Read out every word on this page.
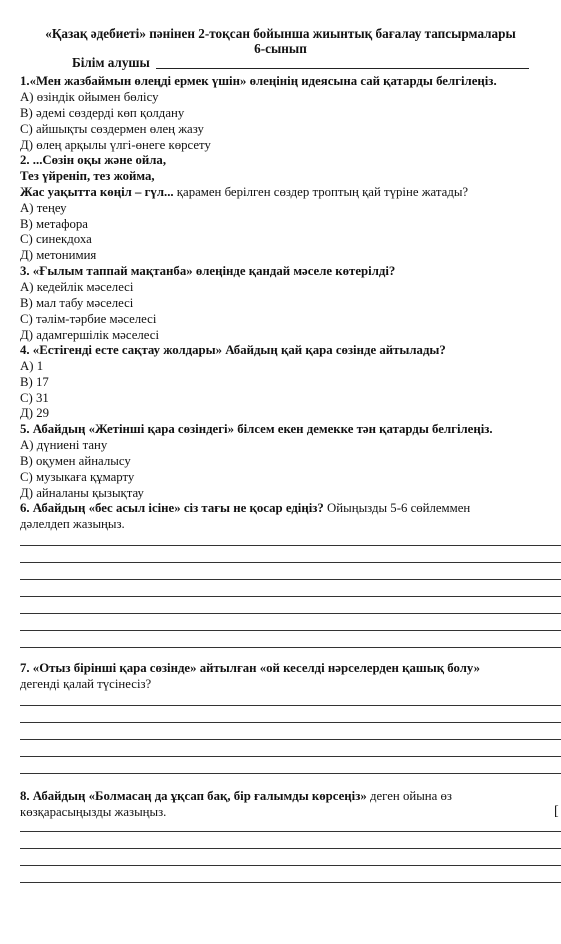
«Қазақ әдебиеті» пәнінен 2-тоқсан бойынша жиынтық бағалау тапсырмалары
6-сынып
Білім алушы
1.«Мен жазбаймын өлеңді ермек үшін» өлеңінің идеясына сай қатарды белгілеңіз.
А) өзіндік ойымен бөлісу
В) әдемі сөздерді көп қолдану
С) айшықты сөздермен өлең жазу
Д) өлең арқылы үлгі-өнеге көрсету
2. ...Сөзін оқы және ойла,
Тез үйреніп, тез жойма,
Жас уақытта көңіл – гүл... қарамен берілген сөздер троптың қай түріне жатады?
А) теңеу
В) метафора
С) синекдоха
Д) метонимия
3. «Ғылым таппай мақтанба» өлеңінде қандай мәселе көтерілді?
А) кедейлік мәселесі
В) мал табу мәселесі
С) тәлім-тәрбие мәселесі
Д) адамгершілік мәселесі
4. «Естігенді есте сақтау жолдары» Абайдың қай қара сөзінде айтылады?
А) 1
В) 17
С) 31
Д) 29
5. Абайдың «Жетінші қара сөзіндегі» білсем екен демекке тән қатарды белгілеңіз.
А) дүниені тану
В) оқумен айналысу
С) музыкаға құмарту
Д) айналаны қызықтау
6. Абайдың «бес асыл ісіне» сіз тағы не қосар едіңіз? Ойыңызды 5-6 сөйлеммен
дәлелдеп жазыңыз.
7. «Отыз бірінші қара сөзінде» айтылған «ой кеселді нәрселерден қашық болу»
дегенді қалай түсінесіз?
8. Абайдың «Болмасаң да ұқсап бақ, бір ғалымды көрсеңіз» деген ойына өз
көзқарасыңызды жазыңыз.	[
